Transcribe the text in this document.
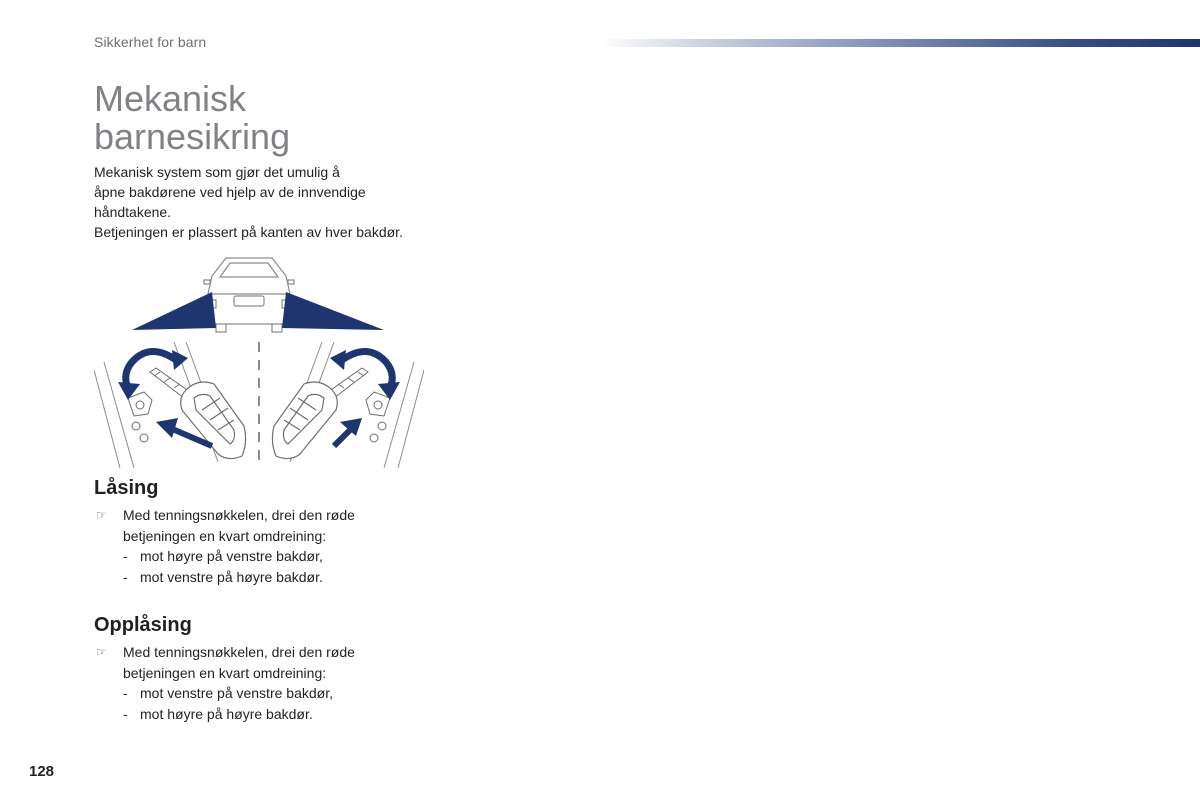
Sikkerhet for barn
Mekanisk
barnesikring

Mekanisk system som gjør det umulig å

åpne bakdørene ved hjelp av de innvendige

håndtakene.

Betjeningen er plassert på kanten av hver bakdør.

Låsing
☞ Med tenningsnøkkelen, drei den røde betjeningen en kvart omdreining:
- mot høyre på venstre bakdør,
- mot venstre på høyre bakdør.
Opplåsing
☞ Med tenningsnøkkelen, drei den røde betjeningen en kvart omdreining:
- mot venstre på venstre bakdør,
- mot høyre på høyre bakdør.
128
